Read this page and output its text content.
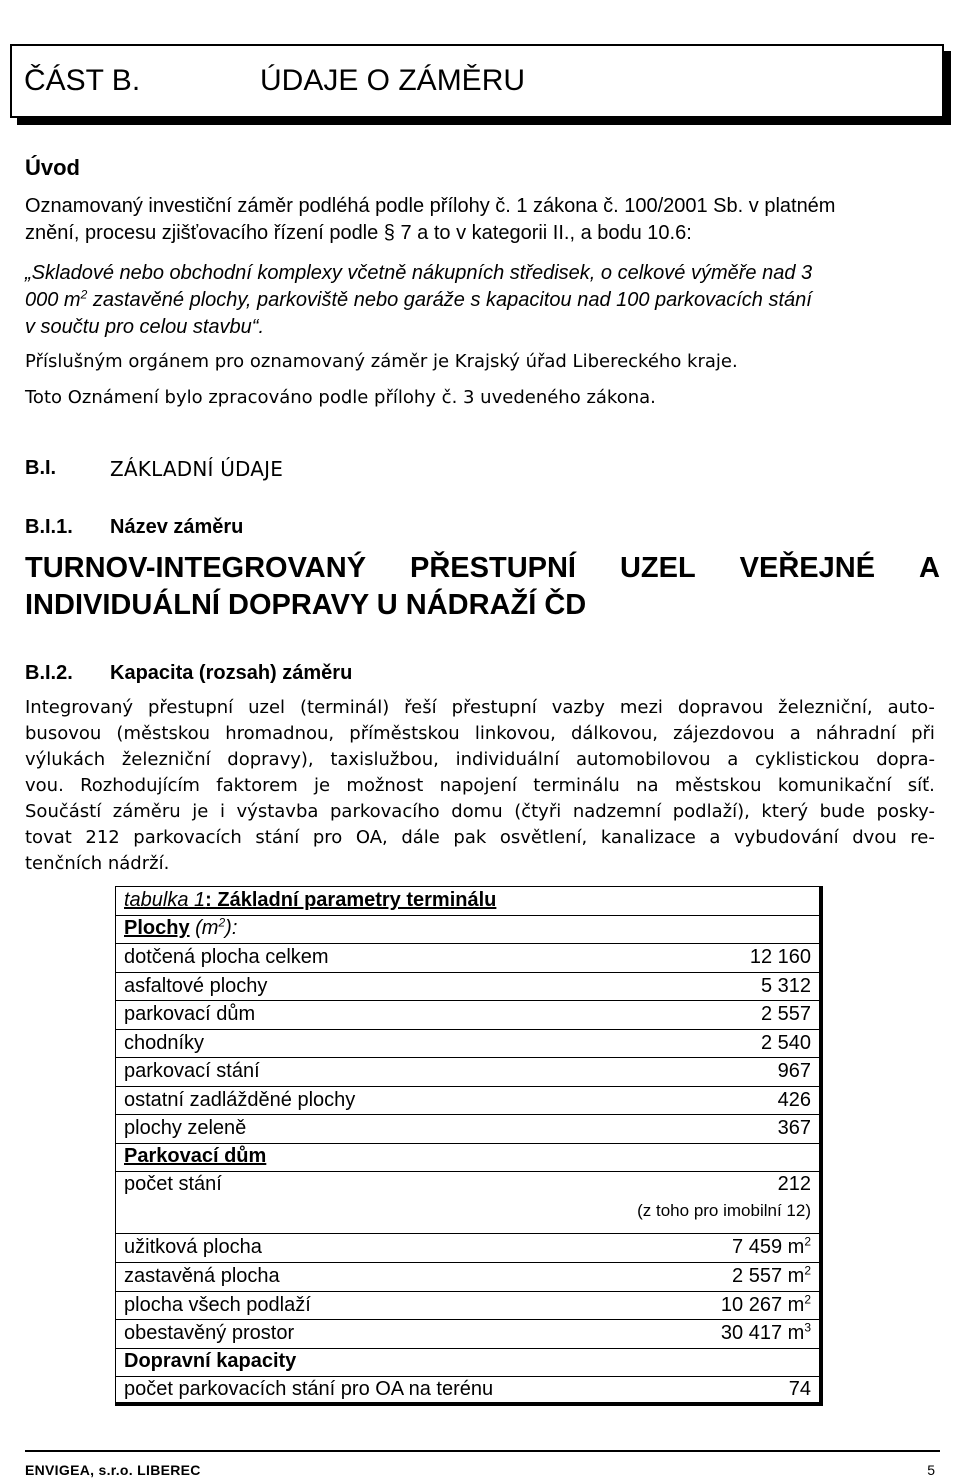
ČÁST B.	ÚDAJE O ZÁMĚRU
Úvod
Oznamovaný investiční záměr podléhá podle přílohy č. 1 zákona č. 100/2001 Sb. v platném
znění, procesu zjišťovacího řízení podle § 7 a to v kategorii II., a bodu 10.6:
„Skladové nebo obchodní komplexy včetně nákupních středisek, o celkové výměře nad 3
000 $m^2$ zastavěné plochy, parkoviště nebo garáže s kapacitou nad 100 parkovacích stání
v součtu pro celou stavbu“.
Příslušným orgánem pro oznamovaný záměr je Krajský úřad Libereckého kraje.
Toto Oznámení bylo zpracováno podle přílohy č. 3 uvedeného zákona.
B.I.	ZÁKLADNÍ ÚDAJE
B.I.1. Název záměru
TURNOV-INTEGROVANÝ PŘESTUPNÍ UZEL VEŘEJNÉ A
INDIVIDUÁLNÍ DOPRAVY U NÁDRAŽÍ ČD
B.I.2. Kapacita (rozsah) záměru
tabulka 1: Základní parametry terminálu
Plochy $(m^2)$:
dotčená plocha celkem	12 160
asfaltové plochy	5 312
parkovací dům	2 557
chodníky	2 540
parkovací stání	967
ostatní zadlážděné plochy	426
plochy zeleně	367
Parkovací dům
počet stání	212
(z toho pro imobilní 12)
užitková plocha	7 459 $m^2$
zastavěná plocha	2 557 $m^2$
plocha všech podlaží	10 267 $m^2$
obestavěný prostor	30 417 $m^3$
Dopravní kapacity
počet parkovacích stání pro OA na terénu	74
ENVIGEA, s.r.o. LIBEREC	5
Integrovaný přestupní uzel (terminál) řeší přestupní vazby mezi dopravou železniční, auto-
busovou (městskou hromadnou, příměstskou linkovou, dálkovou, zájezdovou a náhradní při
výlukách železniční dopravy), taxislužbou, individuální automobilovou a cyklistickou dopra-
vou. Rozhodujícím faktorem je možnost napojení terminálu na městskou komunikační síť.
Součástí záměru je i výstavba parkovacího domu (čtyři nadzemní podlaží), který bude posky-
tovat 212 parkovacích stání pro OA, dále pak osvětlení, kanalizace a vybudování dvou re-
tenčních nádrží.
